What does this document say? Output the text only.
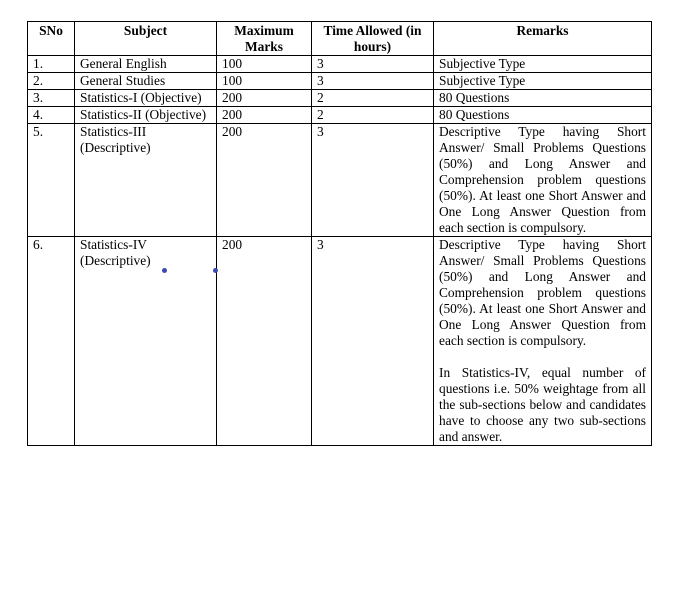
SNo	Subject	Maximum Marks	Time Allowed (in hours)	Remarks
1.	General English	100	3	Subjective Type

2.	General Studies	100	3	Subjective Type

3.	Statistics-I (Objective)	200	2	80 Questions

4.	Statistics-II (Objective)	200	2	80 Questions

5.	Statistics-III (Descriptive)	200	3	Descriptive Type having Short Answer/ Small Problems Questions (50%) and Long Answer and Comprehension problem questions (50%). At least one Short Answer and One Long Answer Question from each section is compulsory.

6.	Statistics-IV (Descriptive)	200	3	Descriptive Type having Short Answer/ Small Problems Questions (50%) and Long Answer and Comprehension problem questions (50%). At least one Short Answer and One Long Answer Question from each section is compulsory.
In Statistics-IV, equal number of questions i.e. 50% weightage from all the sub-sections below and candidates have to choose any two sub-sections and answer.
